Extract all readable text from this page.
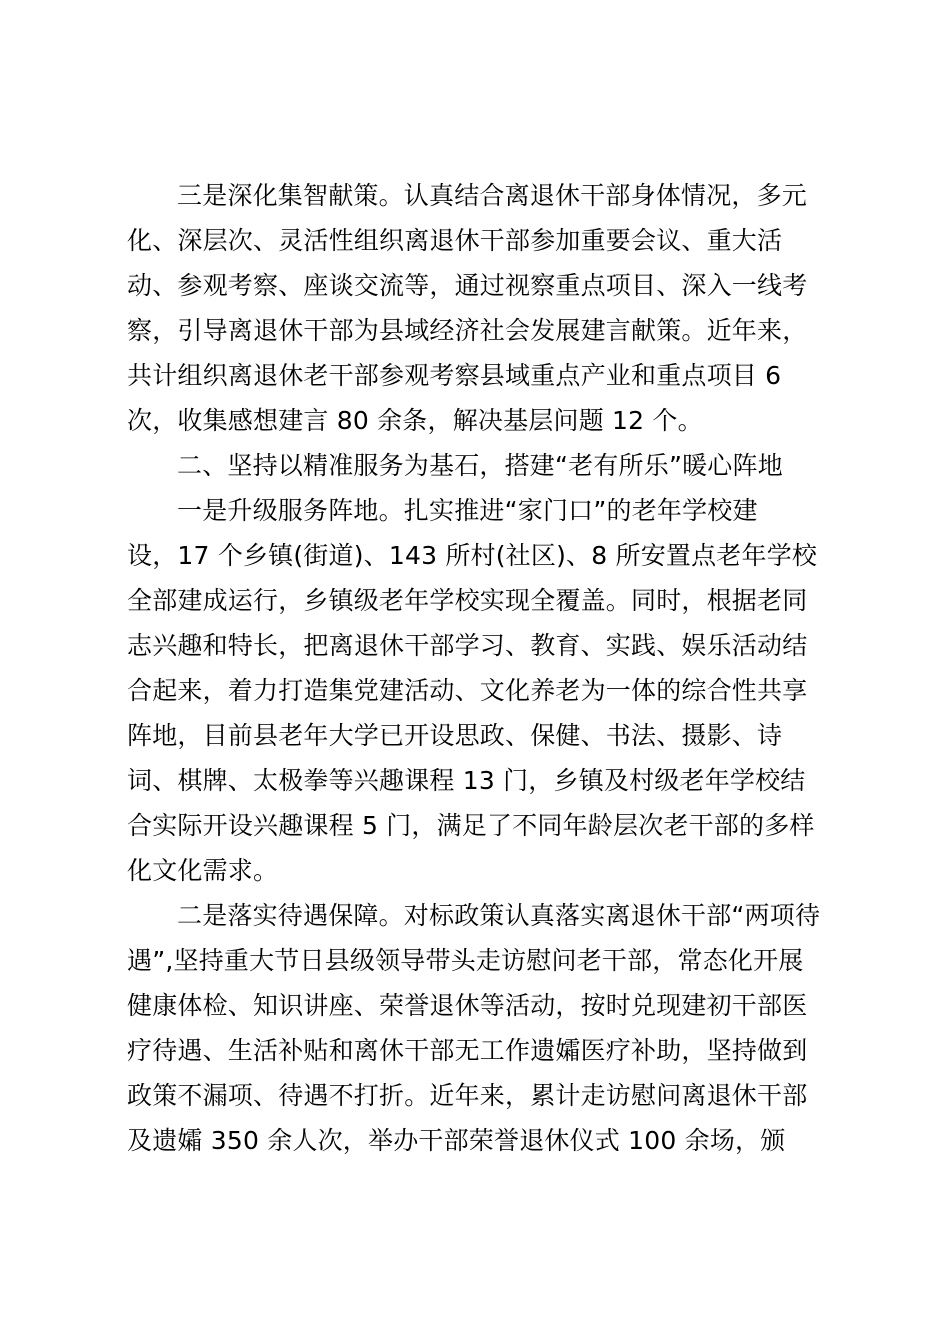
三是深化集智献策。认真结合离退休干部身体情况，多元
化、深层次、灵活性组织离退休干部参加重要会议、重大活
动、参观考察、座谈交流等，通过视察重点项目、深入一线考
察，引导离退休干部为县域经济社会发展建言献策。近年来，
共计组织离退休老干部参观考察县域重点产业和重点项目 6
次，收集感想建言 80 余条，解决基层问题 12 个。
二、坚持以精准服务为基石，搭建“老有所乐”暖心阵地
一是升级服务阵地。扎实推进“家门口”的老年学校建
设，17 个乡镇(街道)、143 所村(社区)、8 所安置点老年学校
全部建成运行，乡镇级老年学校实现全覆盖。同时，根据老同
志兴趣和特长，把离退休干部学习、教育、实践、娱乐活动结
合起来，着力打造集党建活动、文化养老为一体的综合性共享
阵地，目前县老年大学已开设思政、保健、书法、摄影、诗
词、棋牌、太极拳等兴趣课程 13 门，乡镇及村级老年学校结
合实际开设兴趣课程 5 门，满足了不同年龄层次老干部的多样
化文化需求。
二是落实待遇保障。对标政策认真落实离退休干部“两项待
遇”,坚持重大节日县级领导带头走访慰问老干部，常态化开展
健康体检、知识讲座、荣誉退休等活动，按时兑现建初干部医
疗待遇、生活补贴和离休干部无工作遗孀医疗补助，坚持做到
政策不漏项、待遇不打折。近年来，累计走访慰问离退休干部
及遗孀 350 余人次，举办干部荣誉退休仪式 100 余场，颁
